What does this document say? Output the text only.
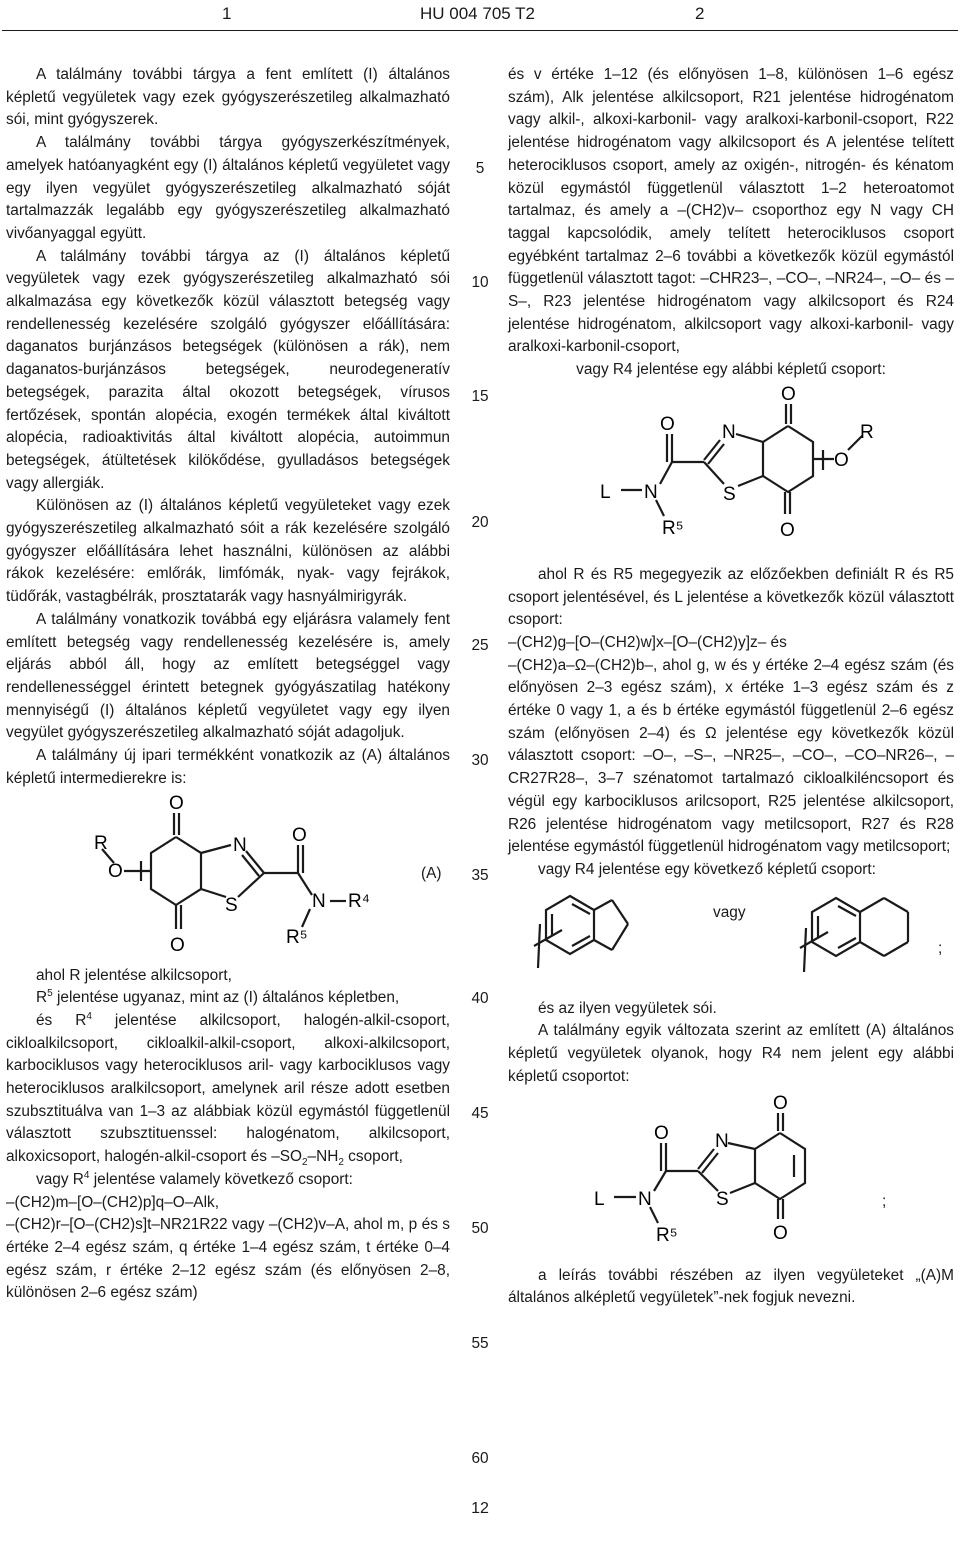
1	HU 004 705 T2	2

A találmány további tárgya a fent említett (I) általános képletű vegyületek vagy ezek gyógyszerészetileg alkalmazható sói, mint gyógyszerek.

A találmány további tárgya gyógyszerkészítmények, amelyek hatóanyagként egy (I) általános képletű vegyületet vagy egy ilyen vegyület gyógyszerészetileg alkalmazható sóját tartalmazzák legalább egy gyógyszerészetileg alkalmazható vivőanyaggal együtt.

A találmány további tárgya az (I) általános képletű vegyületek vagy ezek gyógyszerészetileg alkalmazható sói alkalmazása egy következők közül választott betegség vagy rendellenesség kezelésére szolgáló gyógyszer előállítására: daganatos burjánzásos betegségek (különösen a rák), nem daganatos-burjánzásos betegségek, neurodegeneratív betegségek, parazita által okozott betegségek, vírusos fertőzések, spontán alopécia, exogén termékek által kiváltott alopécia, radioaktivitás által kiváltott alopécia, autoimmun betegségek, átültetések kilökődése, gyulladásos betegségek vagy allergiák.

Különösen az (I) általános képletű vegyületeket vagy ezek gyógyszerészetileg alkalmazható sóit a rák kezelésére szolgáló gyógyszer előállítására lehet használni, különösen az alábbi rákok kezelésére: emlőrák, limfómák, nyak- vagy fejrákok, tüdőrák, vastagbélrák, prosztatarák vagy hasnyálmirigyrák.

A találmány vonatkozik továbbá egy eljárásra valamely fent említett betegség vagy rendellenesség kezelésére is, amely eljárás abból áll, hogy az említett betegséggel vagy rendellenességgel érintett betegnek gyógyászatilag hatékony mennyiségű (I) általános képletű vegyületet vagy egy ilyen vegyület gyógyszerészetileg alkalmazható sóját adagoljuk.

A találmány új ipari termékként vonatkozik az (A) általános képletű intermedierekre is:

O
O
N
S
O
N R⁴
R⁵
O
R
(A)

ahol R jelentése alkilcsoport,

$R^5$ jelentése ugyanaz, mint az (I) általános képletben,

és $R^4$ jelentése alkilcsoport, halogén-alkil-csoport, cikloalkilcsoport, cikloalkil-alkil-csoport, alkoxi-alkilcsoport, karbociklusos vagy heterociklusos aril- vagy karbociklusos vagy heterociklusos aralkilcsoport, amelynek aril része adott esetben szubsztituálva van 1–3 az alábbiak közül egymástól függetlenül választott szubsztituenssel: halogénatom, alkilcsoport, alkoxicsoport, halogén-alkil-csoport és $-SO_2-NH_2$ csoport,

vagy $R^4$ jelentése valamely következő csoport:

–(CH2)m–[O–(CH2)p]q–O–Alk,

–(CH2)r–[O–(CH2)s]t–NR21R22 vagy –(CH2)v–A, ahol m, p és s értéke 2–4 egész szám, q értéke 1–4 egész szám, t értéke 0–4 egész szám, r értéke 2–12 egész szám (és előnyösen 2–8, különösen 2–6 egész szám)

5
10
15
20
25
30
35
40
45
50
55
60

és v értéke 1–12 (és előnyösen 1–8, különösen 1–6 egész szám), Alk jelentése alkilcsoport, R21 jelentése hidrogénatom vagy alkil-, alkoxi-karbonil- vagy aralkoxi-karbonil-csoport, R22 jelentése hidrogénatom vagy alkilcsoport és A jelentése telített heterociklusos csoport, amely az oxigén-, nitrogén- és kénatom közül egymástól függetlenül választott 1–2 heteroatomot tartalmaz, és amely a –(CH2)v– csoporthoz egy N vagy CH taggal kapcsolódik, amely telített heterociklusos csoport egyébként tartalmaz 2–6 további a következők közül egymástól függetlenül választott tagot: –CHR23–, –CO–, –NR24–, –O– és –S–, R23 jelentése hidrogénatom vagy alkilcsoport és R24 jelentése hidrogénatom, alkilcsoport vagy alkoxi-karbonil- vagy aralkoxi-karbonil-csoport,

vagy R4 jelentése egy alábbi képletű csoport:

O
O
N
S
O
N
L
R⁵
O
R

ahol R és R5 megegyezik az előzőekben definiált R és R5 csoport jelentésével, és L jelentése a következők közül választott csoport:

–(CH2)g–[O–(CH2)w]x–[O–(CH2)y]z– és

–(CH2)a–Ω–(CH2)b–, ahol g, w és y értéke 2–4 egész szám (és előnyösen 2–3 egész szám), x értéke 1–3 egész szám és z értéke 0 vagy 1, a és b értéke egymástól függetlenül 2–6 egész szám (előnyösen 2–4) és Ω jelentése egy következők közül választott csoport: –O–, –S–, –NR25–, –CO–, –CO–NR26–, –CR27R28–, 3–7 szénatomot tartalmazó cikloalkiléncsoport és végül egy karbociklusos arilcsoport, R25 jelentése alkilcsoport, R26 jelentése hidrogénatom vagy metilcsoport, R27 és R28 jelentése egymástól függetlenül hidrogénatom vagy metilcsoport;

vagy R4 jelentése egy következő képletű csoport:

vagy
;

és az ilyen vegyületek sói.

A találmány egyik változata szerint az említett (A) általános képletű vegyületek olyanok, hogy R4 nem jelent egy alábbi képletű csoportot:

O
O
N
S
O
N
L
R⁵
;

a leírás további részében az ilyen vegyületeket „(A)M általános alképletű vegyületek”-nek fogjuk nevezni.

12
